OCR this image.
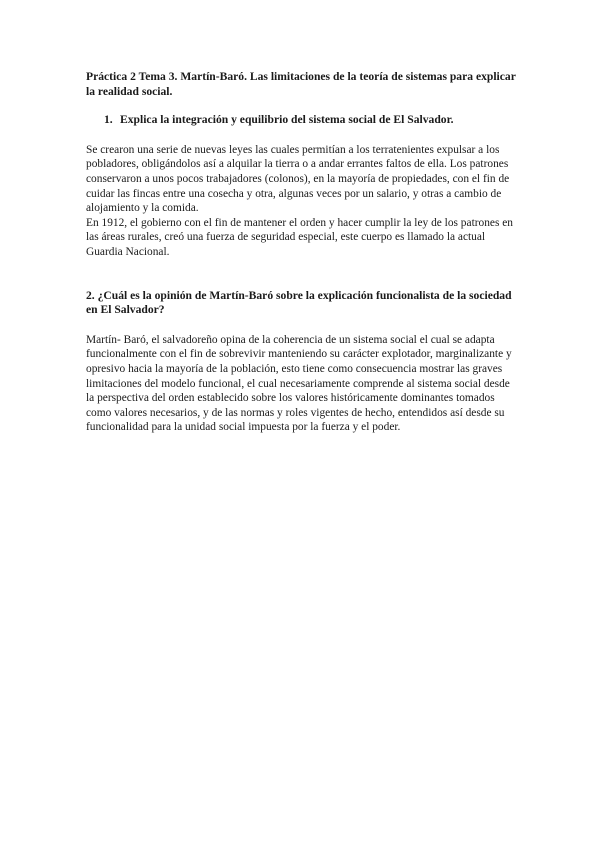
Práctica 2 Tema 3. Martín-Baró. Las limitaciones de la teoría de sistemas para explicar la realidad social.

1. Explica la integración y equilibrio del sistema social de El Salvador.

Se crearon una serie de nuevas leyes las cuales permitían a los terratenientes expulsar a los pobladores, obligándolos así a alquilar la tierra o a andar errantes faltos de ella. Los patrones conservaron a unos pocos trabajadores (colonos), en la mayoría de propiedades, con el fin de cuidar las fincas entre una cosecha y otra, algunas veces por un salario, y otras a cambio de alojamiento y la comida.

En 1912, el gobierno con el fin de mantener el orden y hacer cumplir la ley de los patrones en las áreas rurales, creó una fuerza de seguridad especial, este cuerpo es llamado la actual Guardia Nacional.

2. ¿Cuál es la opinión de Martín-Baró sobre la explicación funcionalista de la sociedad en El Salvador?

Martín- Baró, el salvadoreño opina de la coherencia de un sistema social el cual se adapta funcionalmente con el fin de sobrevivir manteniendo su carácter explotador, marginalizante y opresivo hacia la mayoría de la población, esto tiene como consecuencia mostrar las graves limitaciones del modelo funcional, el cual necesariamente comprende al sistema social desde la perspectiva del orden establecido sobre los valores históricamente dominantes tomados como valores necesarios, y de las normas y roles vigentes de hecho, entendidos así desde su funcionalidad para la unidad social impuesta por la fuerza y el poder.
